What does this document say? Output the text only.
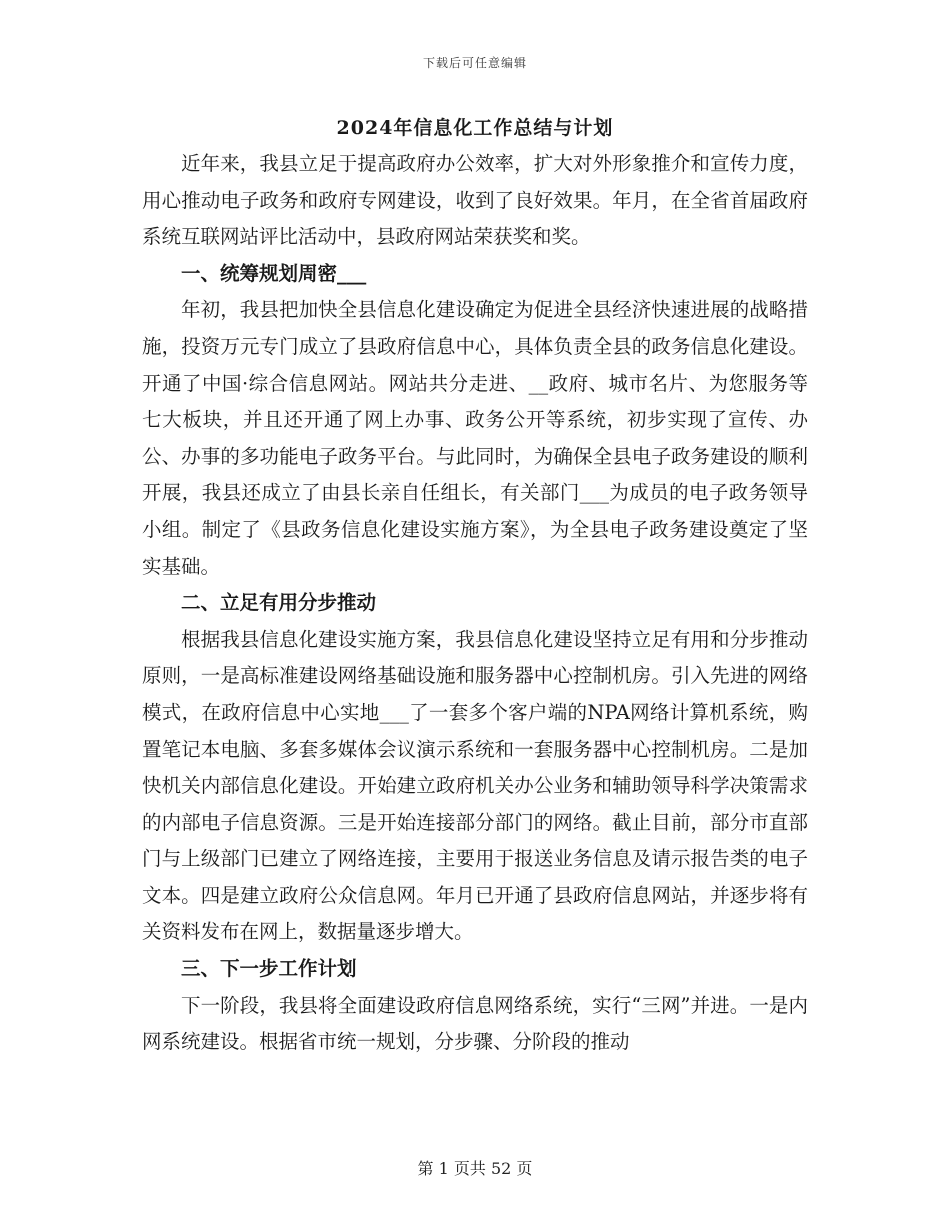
下载后可任意编辑
2024年信息化工作总结与计划

近年来，我县立足于提高政府办公效率，扩大对外形象推介和宣传力度，用心推动电子政务和政府专网建设，收到了良好效果。年月，在全省首届政府系统互联网站评比活动中，县政府网站荣获奖和奖。

一、统筹规划周密___

年初，我县把加快全县信息化建设确定为促进全县经济快速进展的战略措施，投资万元专门成立了县政府信息中心，具体负责全县的政务信息化建设。开通了中国·综合信息网站。网站共分走进、__政府、城市名片、为您服务等七大板块，并且还开通了网上办事、政务公开等系统，初步实现了宣传、办公、办事的多功能电子政务平台。与此同时，为确保全县电子政务建设的顺利开展，我县还成立了由县长亲自任组长，有关部门___为成员的电子政务领导小组。制定了《县政务信息化建设实施方案》，为全县电子政务建设奠定了坚实基础。

二、立足有用分步推动

根据我县信息化建设实施方案，我县信息化建设坚持立足有用和分步推动原则，一是高标准建设网络基础设施和服务器中心控制机房。引入先进的网络模式，在政府信息中心实地___了一套多个客户端的NPA网络计算机系统，购置笔记本电脑、多套多媒体会议演示系统和一套服务器中心控制机房。二是加快机关内部信息化建设。开始建立政府机关办公业务和辅助领导科学决策需求的内部电子信息资源。三是开始连接部分部门的网络。截止目前，部分市直部门与上级部门已建立了网络连接，主要用于报送业务信息及请示报告类的电子文本。四是建立政府公众信息网。年月已开通了县政府信息网站，并逐步将有关资料发布在网上，数据量逐步增大。

三、下一步工作计划

下一阶段，我县将全面建设政府信息网络系统，实行“三网”并进。一是内网系统建设。根据省市统一规划，分步骤、分阶段的推动

第 1 页共 52 页
